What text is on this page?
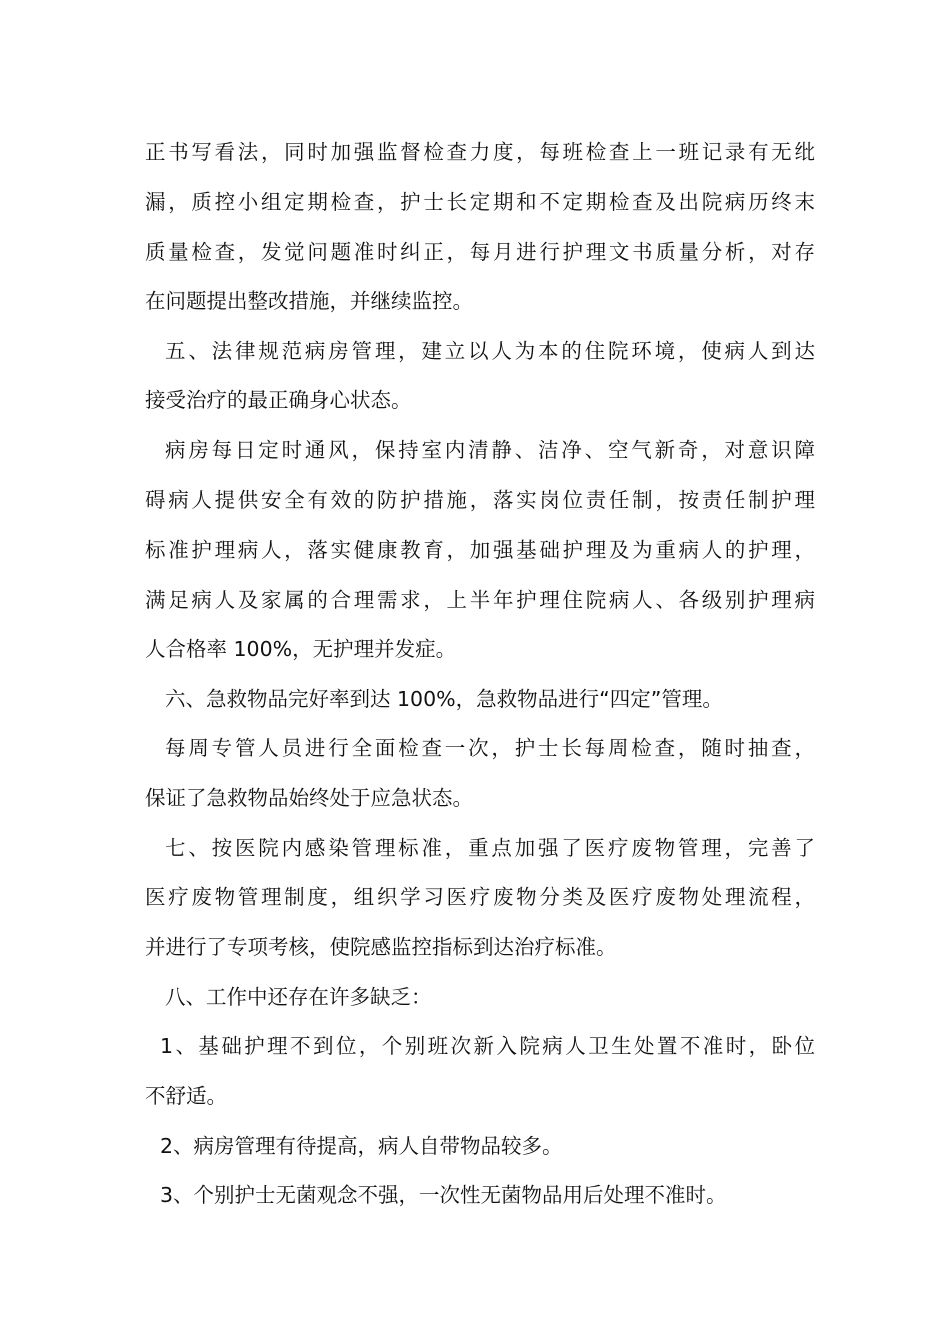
正书写看法，同时加强监督检查力度，每班检查上一班记录有无纰
漏，质控小组定期检查，护士长定期和不定期检查及出院病历终末
质量检查，发觉问题准时纠正，每月进行护理文书质量分析，对存
在问题提出整改措施，并继续监控。
五、法律规范病房管理，建立以人为本的住院环境，使病人到达
接受治疗的最正确身心状态。
病房每日定时通风，保持室内清静、洁净、空气新奇，对意识障
碍病人提供安全有效的防护措施，落实岗位责任制，按责任制护理
标准护理病人，落实健康教育，加强基础护理及为重病人的护理，
满足病人及家属的合理需求，上半年护理住院病人、各级别护理病
人合格率 100%，无护理并发症。
六、急救物品完好率到达 100%，急救物品进行“四定”管理。
每周专管人员进行全面检查一次，护士长每周检查，随时抽查，
保证了急救物品始终处于应急状态。
七、按医院内感染管理标准，重点加强了医疗废物管理，完善了
医疗废物管理制度，组织学习医疗废物分类及医疗废物处理流程，
并进行了专项考核，使院感监控指标到达治疗标准。
八、工作中还存在许多缺乏：
1、基础护理不到位，个别班次新入院病人卫生处置不准时，卧位
不舒适。
2、病房管理有待提高，病人自带物品较多。
3、个别护士无菌观念不强，一次性无菌物品用后处理不准时。
